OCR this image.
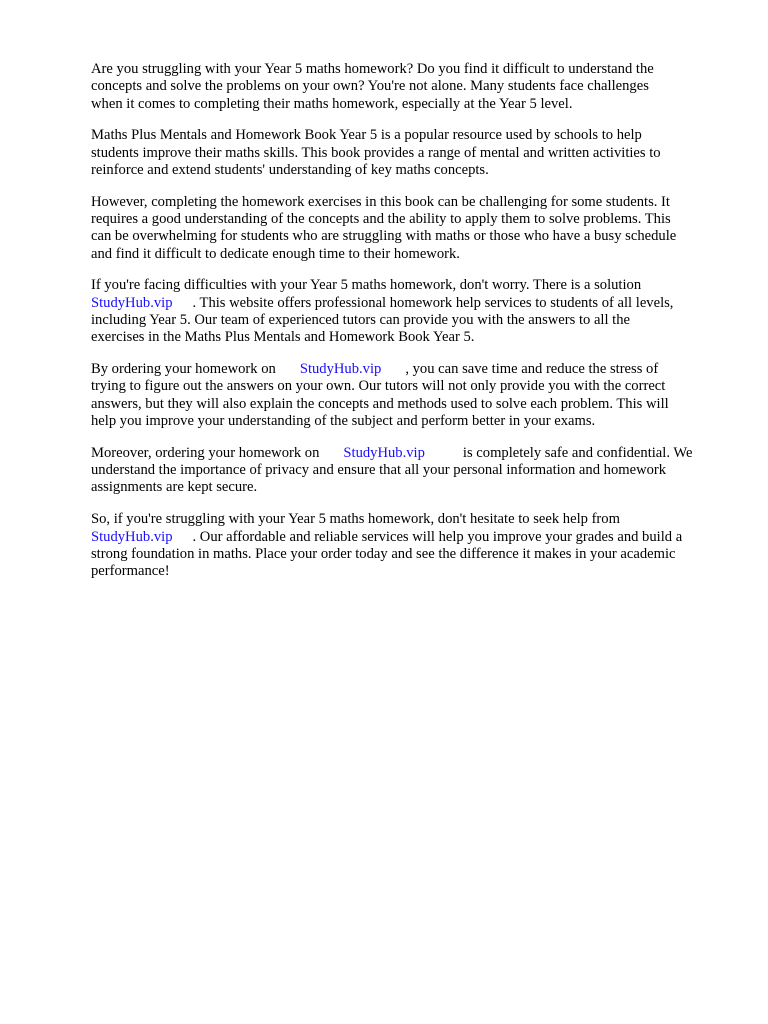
Are you struggling with your Year 5 maths homework? Do you find it difficult to understand the
concepts and solve the problems on your own? You're not alone. Many students face challenges
when it comes to completing their maths homework, especially at the Year 5 level.

Maths Plus Mentals and Homework Book Year 5 is a popular resource used by schools to help
students improve their maths skills. This book provides a range of mental and written activities to
reinforce and extend students' understanding of key maths concepts.

However, completing the homework exercises in this book can be challenging for some students. It
requires a good understanding of the concepts and the ability to apply them to solve problems. This
can be overwhelming for students who are struggling with maths or those who have a busy schedule
and find it difficult to dedicate enough time to their homework.

If you're facing difficulties with your Year 5 maths homework, don't worry. There is a solution
StudyHub.vip . This website offers professional homework help services to students of all levels,
including Year 5. Our team of experienced tutors can provide you with the answers to all the
exercises in the Maths Plus Mentals and Homework Book Year 5.

By ordering your homework on StudyHub.vip , you can save time and reduce the stress of
trying to figure out the answers on your own. Our tutors will not only provide you with the correct
answers, but they will also explain the concepts and methods used to solve each problem. This will
help you improve your understanding of the subject and perform better in your exams.

Moreover, ordering your homework on StudyHub.vip	is completely safe and confidential. We
understand the importance of privacy and ensure that all your personal information and homework
assignments are kept secure.

So, if you're struggling with your Year 5 maths homework, don't hesitate to seek help from
StudyHub.vip . Our affordable and reliable services will help you improve your grades and build a
strong foundation in maths. Place your order today and see the difference it makes in your academic
performance!
